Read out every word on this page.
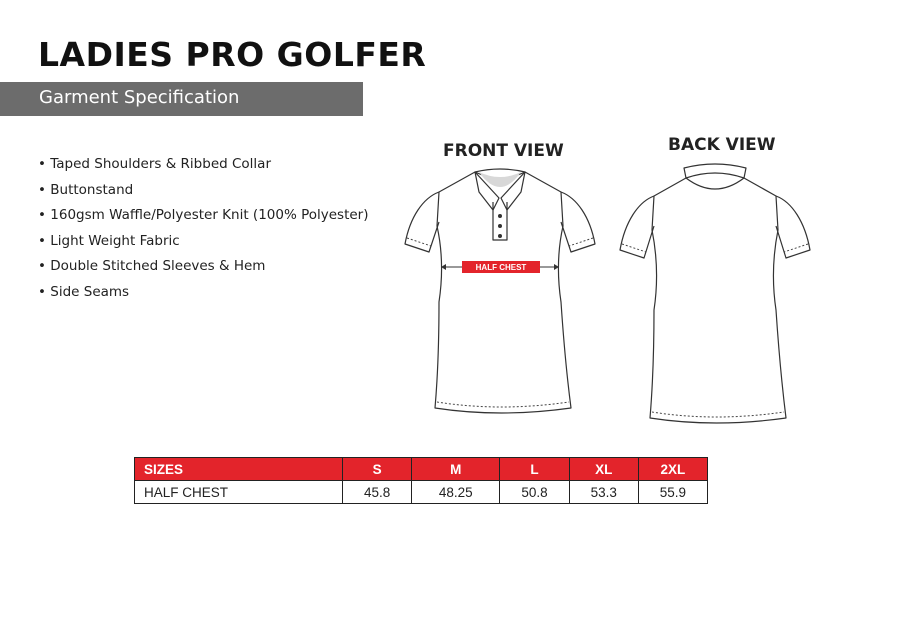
LADIES PRO GOLFER
Garment Specification
• Taped Shoulders & Ribbed Collar
• Buttonstand
• 160gsm Waffle/Polyester Knit (100% Polyester)
• Light Weight Fabric
• Double Stitched Sleeves & Hem
• Side Seams
FRONT VIEW	BACK VIEW
HALF CHEST
SIZES	S	M	L	XL	2XL
HALF CHEST	45.8	48.25	50.8	53.3	55.9
